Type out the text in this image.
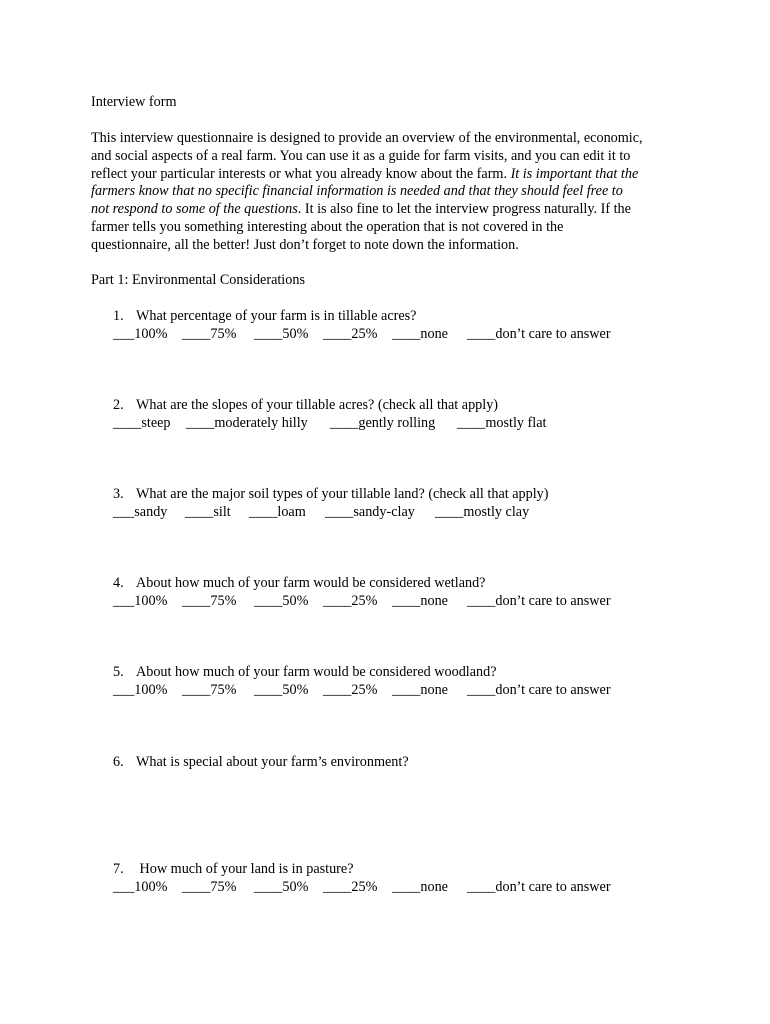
Interview form
This interview questionnaire is designed to provide an overview of the environmental, economic,
and social aspects of a real farm. You can use it as a guide for farm visits, and you can edit it to
reflect your particular interests or what you already know about the farm. It is important that the
farmers know that no specific financial information is needed and that they should feel free to
not respond to some of the questions. It is also fine to let the interview progress naturally. If the
farmer tells you something interesting about the operation that is not covered in the
questionnaire, all the better! Just don’t forget to note down the information.
Part 1: Environmental Considerations
1. What percentage of your farm is in tillable acres?
___100% ____75% ____50% ____25% ____none ____don’t care to answer
2. What are the slopes of your tillable acres? (check all that apply)
____steep ____moderately hilly ____gently rolling ____mostly flat
3. What are the major soil types of your tillable land? (check all that apply)
___sandy ____silt ____loam ____sandy-clay ____mostly clay
4. About how much of your farm would be considered wetland?
___100% ____75% ____50% ____25% ____none ____don’t care to answer
5. About how much of your farm would be considered woodland?
___100% ____75% ____50% ____25% ____none ____don’t care to answer
6. What is special about your farm’s environment?
7. How much of your land is in pasture?
___100% ____75% ____50% ____25% ____none ____don’t care to answer
